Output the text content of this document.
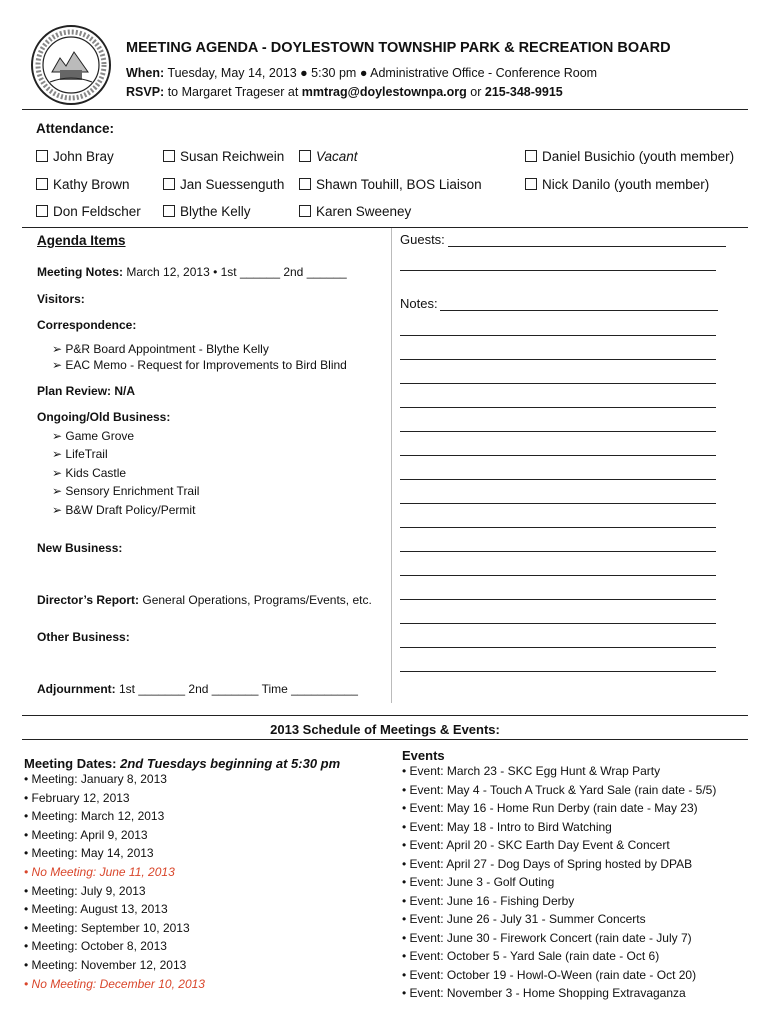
MEETING AGENDA - DOYLESTOWN TOWNSHIP PARK & RECREATION BOARD
When: Tuesday, May 14, 2013 ● 5:30 pm ● Administrative Office - Conference Room
RSVP: to Margaret Trageser at mmtrag@doylestownpa.org or 215-348-9915
Attendance:
John Bray	Susan Reichwein	Vacant	Daniel Busichio (youth member)
Kathy Brown	Jan Suessenguth	Shawn Touhill, BOS Liaison	Nick Danilo (youth member)
Don Feldscher	Blythe Kelly	Karen Sweeney
Agenda Items
Meeting Notes: March 12, 2013 • 1st ______ 2nd ______
Visitors:
Correspondence:
➢ P&R Board Appointment - Blythe Kelly
➢ EAC Memo - Request for Improvements to Bird Blind
Plan Review: N/A
Ongoing/Old Business:
➢ Game Grove
➢ LifeTrail
➢ Kids Castle
➢ Sensory Enrichment Trail
➢ B&W Draft Policy/Permit
New Business:
Director’s Report: General Operations, Programs/Events, etc.
Other Business:
Adjournment: 1st _______ 2nd _______ Time __________
Guests:
Notes:
2013 Schedule of Meetings & Events:
Meeting Dates: 2nd Tuesdays beginning at 5:30 pm
• Meeting: January 8, 2013
• February 12, 2013
• Meeting: March 12, 2013
• Meeting: April 9, 2013
• Meeting: May 14, 2013
• No Meeting: June 11, 2013
• Meeting: July 9, 2013
• Meeting: August 13, 2013
• Meeting: September 10, 2013
• Meeting: October 8, 2013
• Meeting: November 12, 2013
• No Meeting: December 10, 2013
Events
• Event: March 23 - SKC Egg Hunt & Wrap Party
• Event: May 4 - Touch A Truck & Yard Sale (rain date - 5/5)
• Event: May 16 - Home Run Derby (rain date - May 23)
• Event: May 18 - Intro to Bird Watching
• Event: April 20 - SKC Earth Day Event & Concert
• Event: April 27 - Dog Days of Spring hosted by DPAB
• Event: June 3 - Golf Outing
• Event: June 16 - Fishing Derby
• Event: June 26 - July 31 - Summer Concerts
• Event: June 30 - Firework Concert (rain date - July 7)
• Event: October 5 - Yard Sale (rain date - Oct 6)
• Event: October 19 - Howl-O-Ween (rain date - Oct 20)
• Event: November 3 - Home Shopping Extravaganza
